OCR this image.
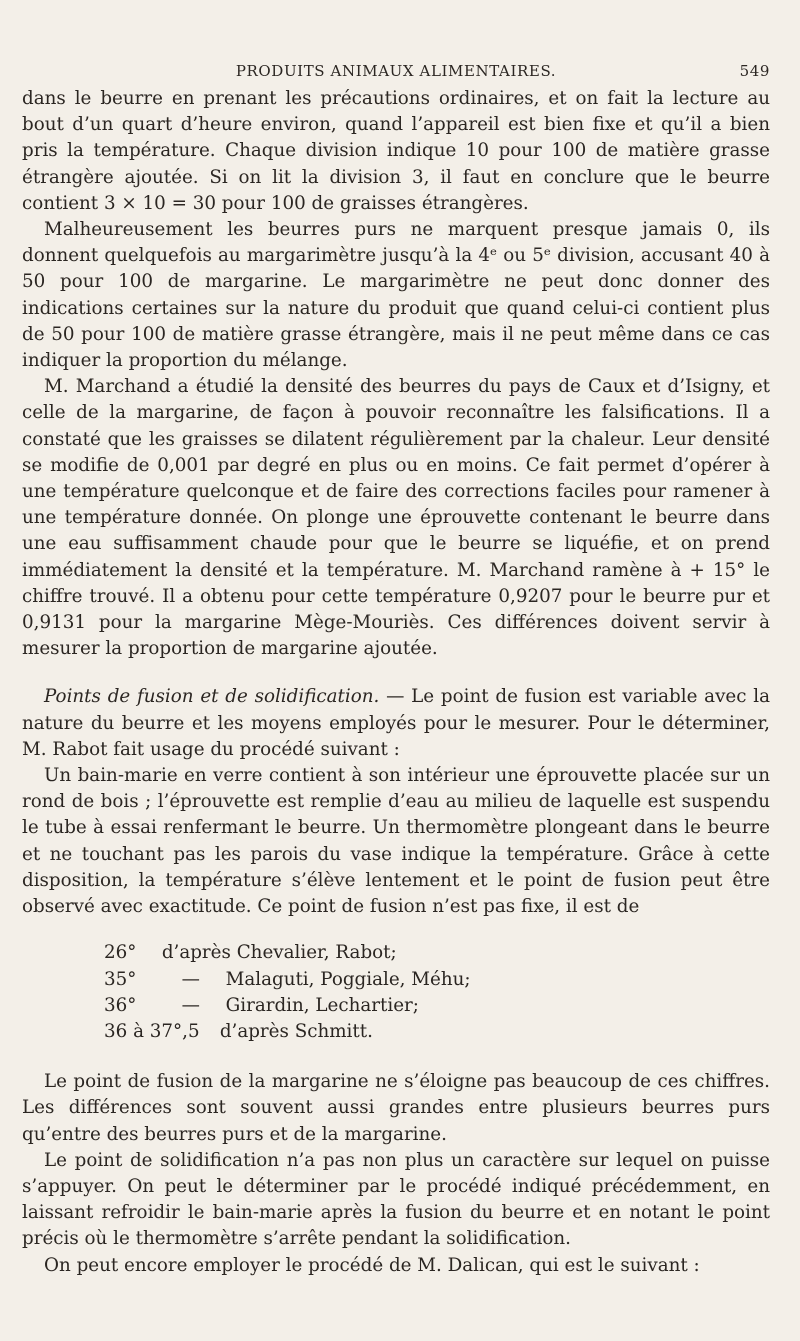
PRODUITS ANIMAUX ALIMENTAIRES.	549

dans le beurre en prenant les précautions ordinaires, et on fait la lecture au bout d’un quart d’heure environ, quand l’appareil est bien fixe et qu’il a bien pris la température. Chaque division indique 10 pour 100 de matière grasse étrangère ajoutée. Si on lit la division 3, il faut en conclure que le beurre contient 3 × 10 = 30 pour 100 de graisses étrangères.

Malheureusement les beurres purs ne marquent presque jamais 0, ils donnent quelquefois au margarimètre jusqu’à la 4ᵉ ou 5ᵉ division, accusant 40 à 50 pour 100 de margarine. Le margarimètre ne peut donc donner des indications certaines sur la nature du produit que quand celui-ci contient plus de 50 pour 100 de matière grasse étrangère, mais il ne peut même dans ce cas indiquer la proportion du mélange.

M. Marchand a étudié la densité des beurres du pays de Caux et d’Isigny, et celle de la margarine, de façon à pouvoir reconnaître les falsifications. Il a constaté que les graisses se dilatent régulièrement par la chaleur. Leur densité se modifie de 0,001 par degré en plus ou en moins. Ce fait permet d’opérer à une température quelconque et de faire des corrections faciles pour ramener à une température donnée. On plonge une éprouvette contenant le beurre dans une eau suffisamment chaude pour que le beurre se liquéfie, et on prend immédiatement la densité et la température. M. Marchand ramène à + 15° le chiffre trouvé. Il a obtenu pour cette température 0,9207 pour le beurre pur et 0,9131 pour la margarine Mège-Mouriès. Ces différences doivent servir à mesurer la proportion de margarine ajoutée.

Points de fusion et de solidification. — Le point de fusion est variable avec la nature du beurre et les moyens employés pour le mesurer. Pour le déterminer, M. Rabot fait usage du procédé suivant :

Un bain-marie en verre contient à son intérieur une éprouvette placée sur un rond de bois ; l’éprouvette est remplie d’eau au milieu de laquelle est suspendu le tube à essai renfermant le beurre. Un thermomètre plongeant dans le beurre et ne touchant pas les parois du vase indique la température. Grâce à cette disposition, la température s’élève lentement et le point de fusion peut être observé avec exactitude. Ce point de fusion n’est pas fixe, il est de

26° d’après Chevalier, Rabot;
35° — Malaguti, Poggiale, Méhu;
36° — Girardin, Lechartier;
36 à 37°,5 d’après Schmitt.

Le point de fusion de la margarine ne s’éloigne pas beaucoup de ces chiffres. Les différences sont souvent aussi grandes entre plusieurs beurres purs qu’entre des beurres purs et de la margarine.

Le point de solidification n’a pas non plus un caractère sur lequel on puisse s’appuyer. On peut le déterminer par le procédé indiqué précédemment, en laissant refroidir le bain-marie après la fusion du beurre et en notant le point précis où le thermomètre s’arrête pendant la solidification.

On peut encore employer le procédé de M. Dalican, qui est le suivant :
